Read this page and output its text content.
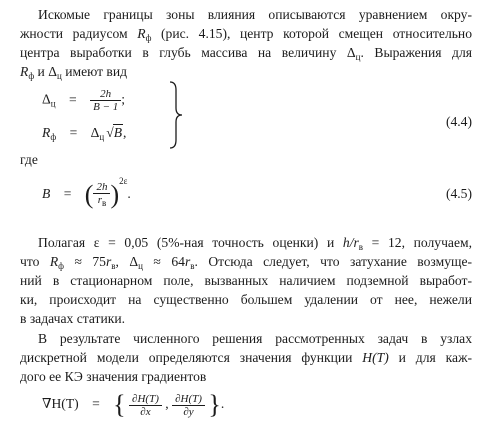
Искомые границы зоны влияния описываются уравнением окру-
жности радиусом $R_ф$ (рис. 4.15), центр которой смещен относительно
центра выработки в глубь массива на величину $\Delta_ц$. Выражения для
$R_ф$ и $\Delta_ц$ имеют вид
$\Delta_ц = \frac{2h}{B - 1}$ ;
$R_ф = \Delta_ц$ √B,
(4.4)
где
B = ( $\frac{2h}{r_в} )^{2\varepsilon}$.	(4.5)
Полагая ε = 0,05 (5%-ная точность оценки) и $h/r_в = 12$, получаем,
что $R_ф \approx 75r_в$, $\Delta_ц \approx 64r_в$. Отсюда следует, что затухание возмущe-
ний в стационарном поле, вызванных наличием подземной выработ-
ки, происходит на существенно большем удалении от нее, нежели
в задачах статики.
В результате численного решения рассмотренных задач в узлах
дискретной модели определяются значения функции H(T) и для каж-
дого ее КЭ значения градиентов
∇H(T) = { $\frac{\partial H(T)}{\partial x}$ , $\frac{\partial H(T)}{\partial y}$ }.
